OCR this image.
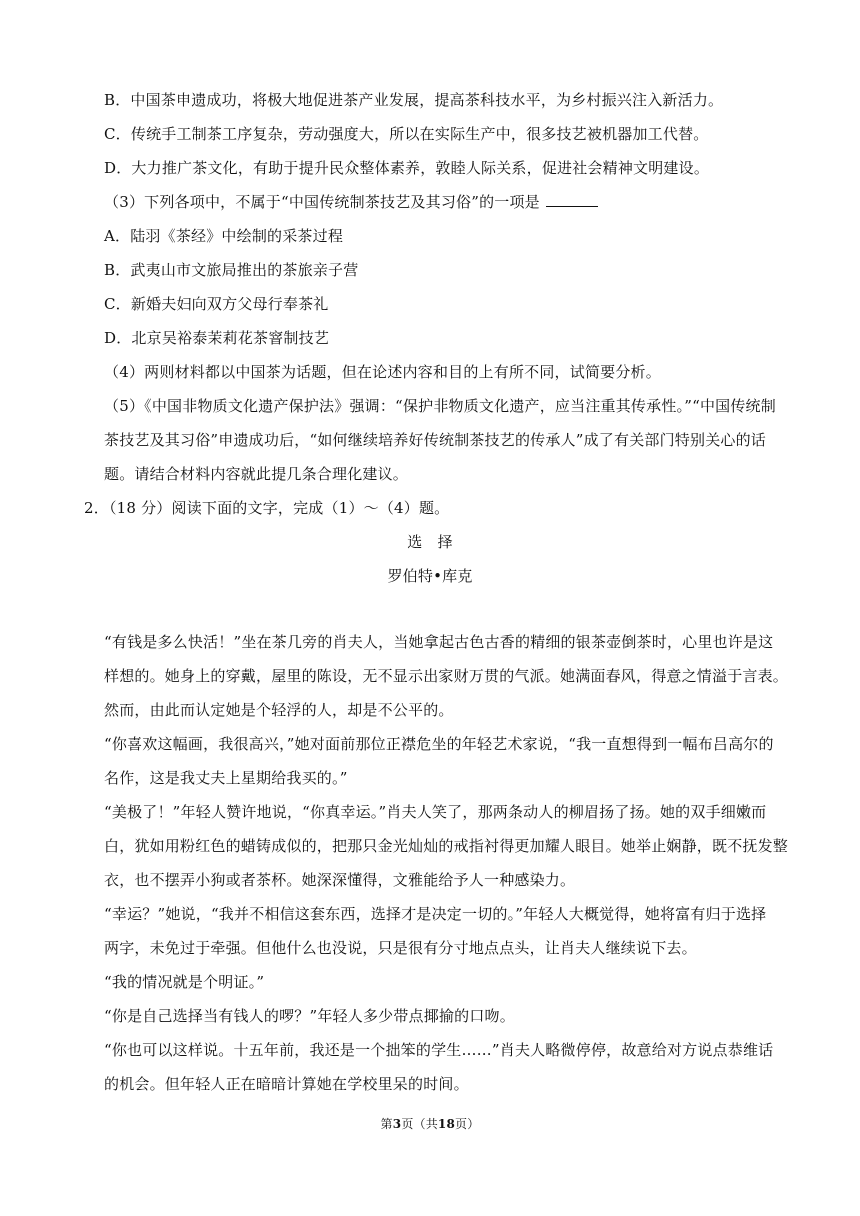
B．中国茶申遗成功，将极大地促进茶产业发展，提高茶科技水平，为乡村振兴注入新活力。
C．传统手工制茶工序复杂，劳动强度大，所以在实际生产中，很多技艺被机器加工代替。
D．大力推广茶文化，有助于提升民众整体素养，敦睦人际关系，促进社会精神文明建设。
（3）下列各项中，不属于“中国传统制茶技艺及其习俗”的一项是
A．陆羽《茶经》中绘制的采茶过程
B．武夷山市文旅局推出的茶旅亲子营
C．新婚夫妇向双方父母行奉茶礼
D．北京吴裕泰茉莉花茶窨制技艺
（4）两则材料都以中国茶为话题，但在论述内容和目的上有所不同，试简要分析。
（5）《中国非物质文化遗产保护法》强调：“保护非物质文化遗产，应当注重其传承性。”“中国传统制
茶技艺及其习俗”申遗成功后，“如何继续培养好传统制茶技艺的传承人”成了有关部门特别关心的话
题。请结合材料内容就此提几条合理化建议。
2．（18 分）阅读下面的文字，完成（1）～（4）题。
选　择
罗伯特•库克
“有钱是多么快活！”坐在茶几旁的肖夫人，当她拿起古色古香的精细的银茶壶倒茶时，心里也许是这
样想的。她身上的穿戴，屋里的陈设，无不显示出家财万贯的气派。她满面春风，得意之情溢于言表。
然而，由此而认定她是个轻浮的人，却是不公平的。
“你喜欢这幅画，我很高兴，”她对面前那位正襟危坐的年轻艺术家说，“我一直想得到一幅布吕高尔的
名作，这是我丈夫上星期给我买的。”
“美极了！”年轻人赞许地说，“你真幸运。”肖夫人笑了，那两条动人的柳眉扬了扬。她的双手细嫩而
白，犹如用粉红色的蜡铸成似的，把那只金光灿灿的戒指衬得更加耀人眼目。她举止娴静，既不抚发整
衣，也不摆弄小狗或者茶杯。她深深懂得，文雅能给予人一种感染力。
“幸运？”她说，“我并不相信这套东西，选择才是决定一切的。”年轻人大概觉得，她将富有归于选择
两字，未免过于牵强。但他什么也没说，只是很有分寸地点点头，让肖夫人继续说下去。
“我的情况就是个明证。”
“你是自己选择当有钱人的啰？”年轻人多少带点揶揄的口吻。
“你也可以这样说。十五年前，我还是一个拙笨的学生……”肖夫人略微停停，故意给对方说点恭维话
的机会。但年轻人正在暗暗计算她在学校里呆的时间。
第3页（共18页）
